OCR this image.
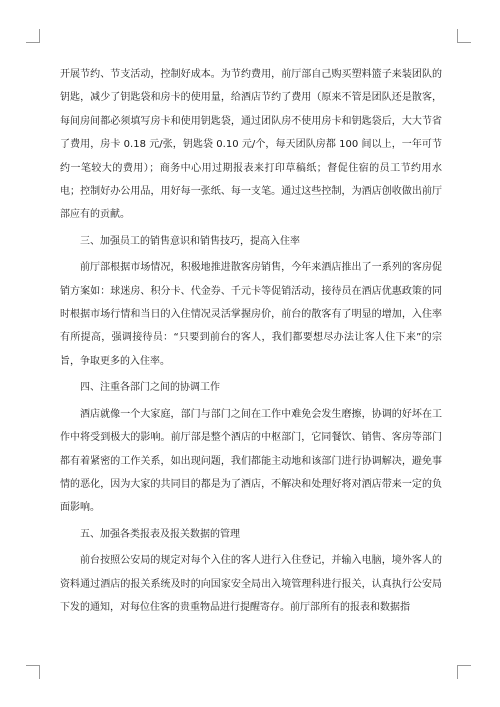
开展节约、节支活动，控制好成本。为节约费用，前厅部自己购买塑料篮子来装团队的钥匙，减少了钥匙袋和房卡的使用量，给酒店节约了费用（原来不管是团队还是散客，每间房间都必须填写房卡和使用钥匙袋，通过团队房不使用房卡和钥匙袋后，大大节省了费用，房卡 0.18 元/张，钥匙袋 0.10 元/个，每天团队房都 100 间以上，一年可节约一笔较大的费用）；商务中心用过期报表来打印草稿纸；督促住宿的员工节约用水电；控制好办公用品，用好每一张纸、每一支笔。通过这些控制，为酒店创收做出前厅部应有的贡献。

三、加强员工的销售意识和销售技巧，提高入住率

前厅部根据市场情况，积极地推进散客房销售，今年来酒店推出了一系列的客房促销方案如：球迷房、积分卡、代金券、千元卡等促销活动，接待员在酒店优惠政策的同时根据市场行情和当日的入住情况灵活掌握房价，前台的散客有了明显的增加，入住率有所提高，强调接待员：“只要到前台的客人，我们都要想尽办法让客人住下来”的宗旨，争取更多的入住率。

四、注重各部门之间的协调工作

酒店就像一个大家庭，部门与部门之间在工作中难免会发生磨擦，协调的好坏在工作中将受到极大的影响。前厅部是整个酒店的中枢部门，它同餐饮、销售、客房等部门都有着紧密的工作关系，如出现问题，我们都能主动地和该部门进行协调解决，避免事情的恶化，因为大家的共同目的都是为了酒店，不解决和处理好将对酒店带来一定的负面影响。

五、加强各类报表及报关数据的管理

前台按照公安局的规定对每个入住的客人进行入住登记，并输入电脑，境外客人的资料通过酒店的报关系统及时的向国家安全局出入境管理科进行报关，认真执行公安局下发的通知，对每位住客的贵重物品进行提醒寄存。前厅部所有的报表和数据指
